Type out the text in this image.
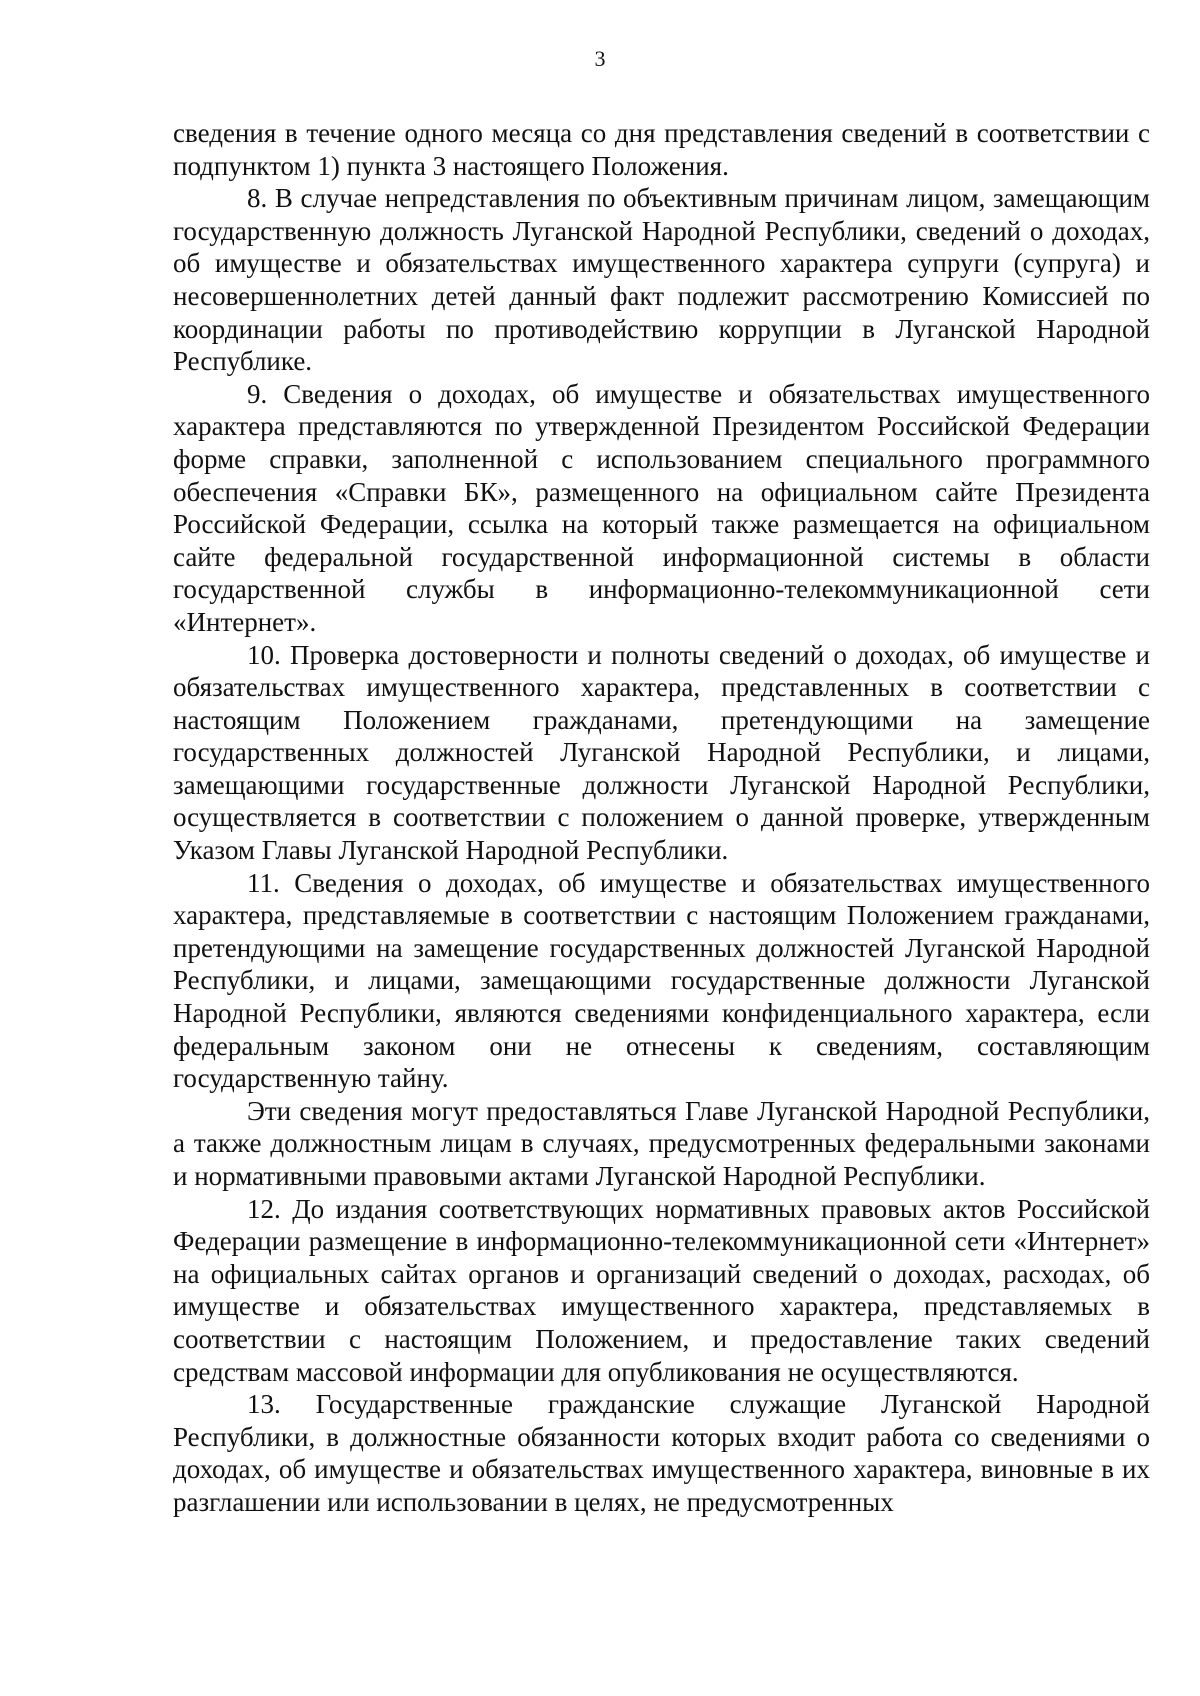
3

сведения в течение одного месяца со дня представления сведений в соответствии с подпунктом 1) пункта 3 настоящего Положения.

8. В случае непредставления по объективным причинам лицом, замещающим государственную должность Луганской Народной Республики, сведений о доходах, об имуществе и обязательствах имущественного характера супруги (супруга) и несовершеннолетних детей данный факт подлежит рассмотрению Комиссией по координации работы по противодействию коррупции в Луганской Народной Республике.

9. Сведения о доходах, об имуществе и обязательствах имущественного характера представляются по утвержденной Президентом Российской Федерации форме справки, заполненной с использованием специального программного обеспечения «Справки БК», размещенного на официальном сайте Президента Российской Федерации, ссылка на который также размещается на официальном сайте федеральной государственной информационной системы в области государственной службы в информационно-телекоммуникационной сети «Интернет».

10. Проверка достоверности и полноты сведений о доходах, об имуществе и обязательствах имущественного характера, представленных в соответствии с настоящим Положением гражданами, претендующими на замещение государственных должностей Луганской Народной Республики, и лицами, замещающими государственные должности Луганской Народной Республики, осуществляется в соответствии с положением о данной проверке, утвержденным Указом Главы Луганской Народной Республики.

11. Сведения о доходах, об имуществе и обязательствах имущественного характера, представляемые в соответствии с настоящим Положением гражданами, претендующими на замещение государственных должностей Луганской Народной Республики, и лицами, замещающими государственные должности Луганской Народной Республики, являются сведениями конфиденциального характера, если федеральным законом они не отнесены к сведениям, составляющим государственную тайну.

Эти сведения могут предоставляться Главе Луганской Народной Республики, а также должностным лицам в случаях, предусмотренных федеральными законами и нормативными правовыми актами Луганской Народной Республики.

12. До издания соответствующих нормативных правовых актов Российской Федерации размещение в информационно-телекоммуникационной сети «Интернет» на официальных сайтах органов и организаций сведений о доходах, расходах, об имуществе и обязательствах имущественного характера, представляемых в соответствии с настоящим Положением, и предоставление таких сведений средствам массовой информации для опубликования не осуществляются.

13. Государственные гражданские служащие Луганской Народной Республики, в должностные обязанности которых входит работа со сведениями о доходах, об имуществе и обязательствах имущественного характера, виновные в их разглашении или использовании в целях, не предусмотренных
